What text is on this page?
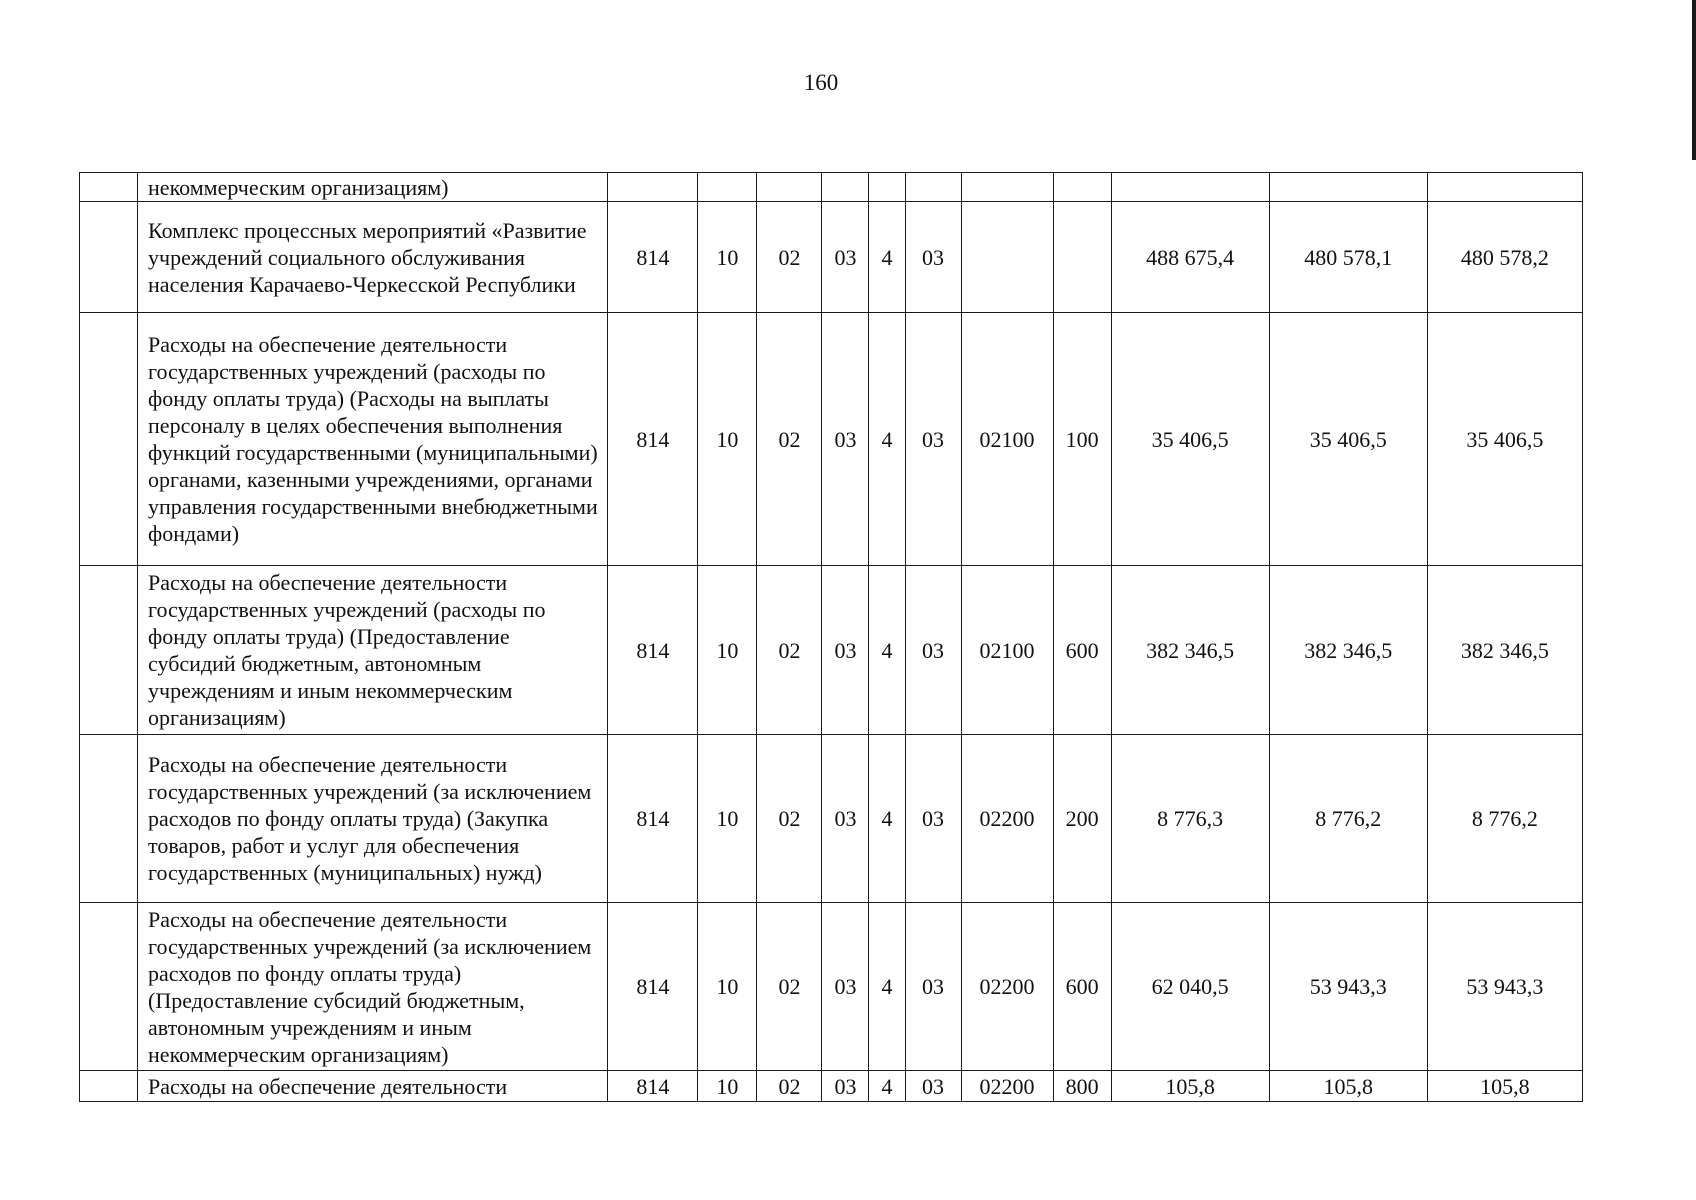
160
	некоммерческим организациям)											
	Комплекс процессных мероприятий «Развитие учреждений социального обслуживания населения Карачаево-Черкесской Республики	814	10	02	03	4	03			488 675,4	480 578,1	480 578,2
	Расходы на обеспечение деятельности государственных учреждений (расходы по фонду оплаты труда) (Расходы на выплаты персоналу в целях обеспечения выполнения функций государственными (муниципальными) органами, казенными учреждениями, органами управления государственными внебюджетными фондами)	814	10	02	03	4	03	02100	100	35 406,5	35 406,5	35 406,5
	Расходы на обеспечение деятельности государственных учреждений (расходы по фонду оплаты труда) (Предоставление субсидий бюджетным, автономным учреждениям и иным некоммерческим организациям)	814	10	02	03	4	03	02100	600	382 346,5	382 346,5	382 346,5
	Расходы на обеспечение деятельности государственных учреждений (за исключением расходов по фонду оплаты труда) (Закупка товаров, работ и услуг для обеспечения государственных (муниципальных) нужд)	814	10	02	03	4	03	02200	200	8 776,3	8 776,2	8 776,2
	Расходы на обеспечение деятельности государственных учреждений (за исключением расходов по фонду оплаты труда) (Предоставление субсидий бюджетным, автономным учреждениям и иным некоммерческим организациям)	814	10	02	03	4	03	02200	600	62 040,5	53 943,3	53 943,3
	Расходы на обеспечение деятельности	814	10	02	03	4	03	02200	800	105,8	105,8	105,8
